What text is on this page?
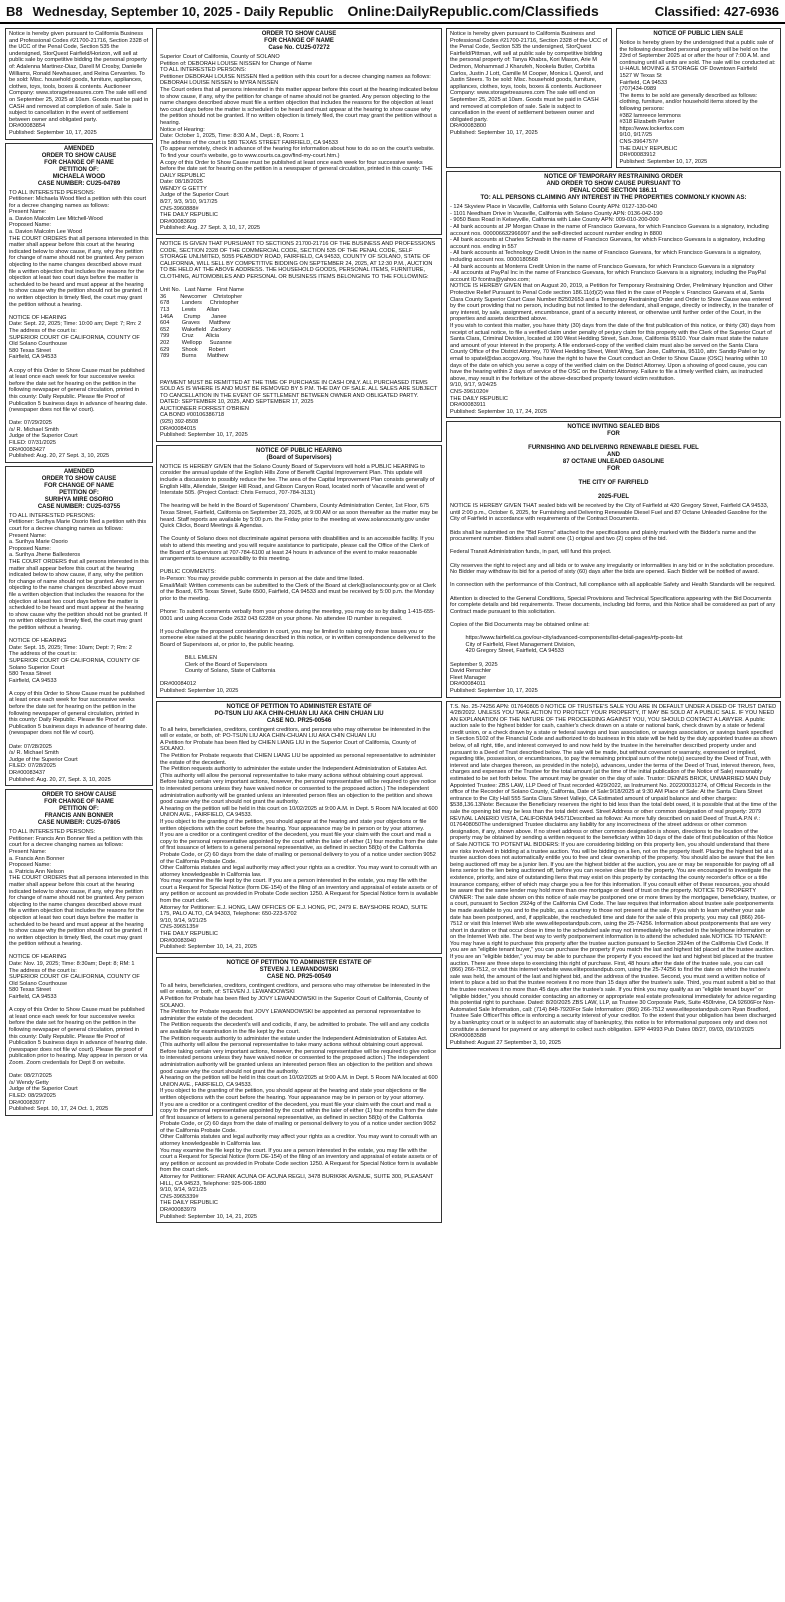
B8 Wednesday, September 10, 2025 - Daily Republic Online:DailyRepublic.com/Classifieds	Classified: 427-6936
Notice is hereby given pursuant to California Business and Professional Codes #21700-21716, Section 2328 of the UCC of the Penal Code, Section 535 the undersigned, StorQuest Fairfield/Horizon, will sell at public sale by competitive bidding the personal property of: Adalenna Martinez-Diaz, Darell M Crosby, Danielle Williams, Ronald Newhauser, and Reina Cervantes. To be sold: Misc. household goods, furniture, appliances, clothes, toys, tools, boxes & contents. Auctioneer Company: www.storagetreasures.com The sale will end on September 25, 2025 at 10am. Goods must be paid in CASH and removed at completion of sale. Sale is subject to cancellation in the event of settlement between owner and obligated party.
DR#00083854
Published: September 10, 17, 2025
AMENDED
ORDER TO SHOW CAUSE
FOR CHANGE OF NAME
PETITION OF:
MICHAELA WOOD
CASE NUMBER: CU25-04789
TO ALL INTERESTED PERSONS:
Petitioner: Michaela Wood filed a petition with this court for a decree changing names as follows:
Present Name:
a. Davion Malcolm Lee Mitchell-Wood
Proposed Name:
a. Davion Malcolm Lee Wood
THE COURT ORDERS that all persons interested in this matter shall appear before this court at the hearing indicated below to show cause, if any, why the petition for change of name should not be granted. Any person objecting to the name changes described above must file a written objection that includes the reasons for the objection at least two court days before the matter is scheduled to be heard and must appear at the hearing to show cause why the petition should not be granted. If no written objection is timely filed, the court may grant the petition without a hearing.

NOTICE OF HEARING
Date: Sept. 22, 2025; Time: 10:00 am; Dept: 7; Rm: 2
The address of the court is:
SUPERIOR COURT OF CALIFORNIA, COUNTY OF
Old Solano Courthouse
580 Texas Street
Fairfield, CA 94533

A copy of this Order to Show Cause must be published at least once each week for four successive weeks before the date set for hearing on the petition in the following newspaper of general circulation, printed in this county: Daily Republic. Please file Proof of Publication 5 business days in advance of hearing date. (newspaper does not file w/ court).

Date: 07/29/2025
/s/ R. Michael Smith
Judge of the Superior Court
FILED: 07/31/2025
DR#00083427
Published: Aug. 20, 27 Sept. 3, 10, 2025
AMENDED
ORDER TO SHOW CAUSE
FOR CHANGE OF NAME
PETITION OF:
SURIHYA MIRE OSORIO
CASE NUMBER: CU25-03755
TO ALL INTERESTED PERSONS:
Petitioner: Surihya Marie Osorio filed a petition with this court for a decree changing names as follows:
Present Name:
a. Surihya Marie Osorio
Proposed Name:
a. Surihya Jhene Ballesteros
THE COURT ORDERS that all persons interested in this matter shall appear before this court at the hearing indicated below to show cause, if any, why the petition for change of name should not be granted. Any person objecting to the name changes described above must file a written objection that includes the reasons for the objection at least two court days before the matter is scheduled to be heard and must appear at the hearing to show cause why the petition should not be granted. If no written objection is timely filed, the court may grant the petition without a hearing.

NOTICE OF HEARING
Date: Sept. 15, 2025; Time: 10am; Dept: 7; Rm: 2
The address of the court is:
SUPERIOR COURT OF CALIFORNIA, COUNTY OF
Solano Superior Court
580 Texas Street
Fairfield, CA 94533

A copy of this Order to Show Cause must be published at least once each week for four successive weeks before the date set for hearing on the petition in the following newspaper of general circulation, printed in this county: Daily Republic. Please file Proof of Publication 5 business days in advance of hearing date. (newspaper does not file w/ court).

Date: 07/28/2025
/s/ R. Michael Smith
Judge of the Superior Court
FILED: 07/28/2025
DR#00083437
Published: Aug. 20, 27, Sept. 3, 10, 2025
ORDER TO SHOW CAUSE
FOR CHANGE OF NAME
PETITION OF:
FRANCIS ANN BONNER
CASE NUMBER: CU25-07805
TO ALL INTERESTED PERSONS:
Petitioner: Francis Ann Bonner filed a petition with this court for a decree changing names as follows:
Present Name:
a. Francis Ann Bonner
Proposed Name:
a. Patricia Ann Nelson
THE COURT ORDERS that all persons interested in this matter shall appear before this court at the hearing indicated below to show cause, if any, why the petition for change of name should not be granted. Any person objecting to the name changes described above must file a written objection that includes the reasons for the objection at least two court days before the matter is scheduled to be heard and must appear at the hearing to show cause why the petition should not be granted. If no written objection is timely filed, the court may grant the petition without a hearing.

NOTICE OF HEARING
Date: Nov. 19, 2025; Time: 8:30am; Dept: 8; RM: 1
The address of the court is:
SUPERIOR COURT OF CALIFORNIA, COUNTY OF
Old Solano Courthouse
580 Texas Street
Fairfield, CA 94533

A copy of this Order to Show Cause must be published at least once each week for four successive weeks before the date set for hearing on the petition in the following newspaper of general circulation, printed in this county: Daily Republic. Please file Proof of Publication 5 business days in advance of hearing date. (newspaper does not file w/ court). Please file proof of publication prior to hearing. May appear in person or via Zoom. Zoom credentials for Dept 8 on website.

Date: 08/27/2025
/s/ Wendy Getty
Judge of the Superior Court
FILED: 08/29/2025
DR#00083977
Published: Sept. 10, 17, 24 Oct. 1, 2025
ORDER TO SHOW CAUSE
FOR CHANGE OF NAME
Case No. CU25-07272
Superior Court of California, County of SOLANO
Petition of: DEBORAH LOUISE NISSEN for Change of Name
TO ALL INTERESTED PERSONS:
Petitioner DEBORAH LOUISE NISSEN filed a petition with this court for a decree changing names as follows:
DEBORAH LOUISE NISSEN to MYRA NISSEN
The Court orders that all persons interested in this matter appear before this court at the hearing indicated below to show cause, if any, why the petition for change of name should not be granted. Any person objecting to the name changes described above must file a written objection that includes the reasons for the objection at least two court days before the matter is scheduled to be heard and must appear at the hearing to show cause why the petition should not be granted. If no written objection is timely filed, the court may grant the petition without a hearing.
Notice of Hearing:
Date: October 1, 2025, Time: 8:30 A.M., Dept.: 8, Room: 1
The address of the court is 580 TEXAS STREET FAIRFIELD, CA 94533
(To appear remotely, check in advance of the hearing for information about how to do so on the court's website. To find your court's website, go to www.courts.ca.gov/find-my-court.htm.)
A copy of this Order to Show Cause must be published at least once each week for four successive weeks before the date set for hearing on the petition in a newspaper of general circulation, printed in this county: THE DAILY REPUBLIC
Date: 08/18/2025
WENDY G GETTY
Judge of the Superior Court
8/27, 9/3, 9/10, 9/17/25
CNS-3960888#
THE DAILY REPUBLIC
DR#00083609
Published: Aug. 27 Sept. 3, 10, 17, 2025
NOTICE IS GIVEN THAT PURSUANT TO SECTIONS 21700-21716 OF THE BUSINESS AND PROFESSIONS CODE, SECTION 2328 OF THE COMMERCIAL CODE, SECTION 535 OF THE PENAL CODE, SELF STORAGE UNLIMITED, 5055 PEABODY ROAD, FAIRFIELD, CA 94533, COUNTY OF SOLANO, STATE OF CALIFORNIA, WILL SELL BY COMPETITIVE BIDDING ON SEPTEMBER 24, 2025, AT 12:30 P.M., AUCTION TO BE HELD AT THE ABOVE ADDRESS. THE HOUSEHOLD GOODS, PERSONAL ITEMS, FURNITURE, CLOTHING, AUTOMOBILES AND PERSONAL OR BUSINESS ITEMS BELONGING TO THE FOLLOWING:

Unit No.   Last Name   First Name
36         Newcomer    Christopher
678        Landers     Christopher
713        Lewis       Allan
146A       Crump       Janee
604        Graves      Matthew
652        Wakefield   Zackery
799        Cruz        Alicia
202        Wellopp     Suzanne
629        Shook       Robert
789        Burns       Matthew

PAYMENT MUST BE REMITTED AT THE TIME OF PURCHASE IN CASH ONLY. ALL PURCHASED ITEMS SOLD AS IS WHERE IS AND MUST BE REMOVED BY 5 P.M. THE DAY OF SALE. ALL SALES ARE SUBJECT TO CANCELLATION IN THE EVENT OF SETTLEMENT BETWEEN OWNER AND OBLIGATED PARTY.
DATED: SEPTEMBER 10, 2025, AND SEPTEMBER 17, 2025
AUCTIONEER FORREST O'BRIEN
CA BOND #00106386718
(925) 392-8508
DR#00084015
Published: September 10, 17, 2025
NOTICE OF PUBLIC HEARING
(Board of Supervisors)
NOTICE IS HEREBY GIVEN that the Solano County Board of Supervisors will hold a PUBLIC HEARING to consider the annual update of the English Hills Zone of Benefit Capital Improvement Plan. This update will include a discussion to possibly reduce the fee. The area of the Capital Improvement Plan consists generally of English Hills, Allendale, Steiger Hill Road, and Gibson Canyon Road, located north of Vacaville and west of Interstate 505. (Project Contact: Chris Ferrucci, 707-784-3131)

The hearing will be held in the Board of Supervisors' Chambers, County Administration Center, 1st Floor, 675 Texas Street, Fairfield, California on September 23, 2025, at 9:00 AM or as soon thereafter as the matter may be heard. Staff reports are available by 5:00 p.m. the Friday prior to the meeting at www.solanocounty.gov under Quick Clicks, Board Meetings & Agendas.

The County of Solano does not discriminate against persons with disabilities and is an accessible facility. If you wish to attend this meeting and you will require assistance to participate, please call the Office of the Clerk of the Board of Supervisors at 707-784-6100 at least 24 hours in advance of the event to make reasonable arrangements to ensure accessibility to this meeting.

PUBLIC COMMENTS:
In-Person: You may provide public comments in person at the date and time listed.
Email/Mail: Written comments can be submitted to the Clerk of the Board at clerk@solanocounty.gov or at Clerk of the Board, 675 Texas Street, Suite 6500, Fairfield, CA 94533 and must be received by 5:00 p.m. the Monday prior to the meeting.

Phone: To submit comments verbally from your phone during the meeting, you may do so by dialing 1-415-655-0001 and using Access Code 2632 043 6228# on your phone. No attendee ID number is required.

If you challenge the proposed consideration in court, you may be limited to raising only those issues you or someone else raised at the public hearing described in this notice, or in written correspondence delivered to the Board of Supervisors at, or prior to, the public hearing.

BILL EMLEN
Clerk of the Board of Supervisors
County of Solano, State of California

DR#00084012
Published: September 10, 2025
NOTICE OF PETITION TO ADMINISTER ESTATE OF
PO-TSUN LIU AKA CHIN-CHUAN LIU AKA CHIN CHUAN LIU
CASE NO. PR25-00546
To all heirs, beneficiaries, creditors, contingent creditors, and persons who may otherwise be interested in the will or estate, or both, of: PO-TSUN LIU AKA CHIN-CHUAN LIU AKA CHIN CHUAN LIU
A Petition for Probate has been filed by CHIEN LIANG LIU in the Superior Court of California, County of SOLANO.
The Petition for Probate requests that CHIEN LIANG LIU be appointed as personal representative to administer the estate of the decedent.
The Petition requests authority to administer the estate under the Independent Administration of Estates Act. (This authority will allow the personal representative to take many actions without obtaining court approval. Before taking certain very important actions, however, the personal representative will be required to give notice to interested persons unless they have waived notice or consented to the proposed action.) The independent administration authority will be granted unless an interested person files an objection to the petition and shows good cause why the court should not grant the authority.
A hearing on the petition will be held in this court on 10/02/2025 at 9:00 A.M. in Dept. 5 Room N/A located at 600 UNION AVE., FAIRFIELD, CA 94533.
If you object to the granting of the petition, you should appear at the hearing and state your objections or file written objections with the court before the hearing. Your appearance may be in person or by your attorney.
If you are a creditor or a contingent creditor of the decedent, you must file your claim with the court and mail a copy to the personal representative appointed by the court within the later of either (1) four months from the date of first issuance of letters to a general personal representative, as defined in section 58(b) of the California Probate Code, or (2) 60 days from the date of mailing or personal delivery to you of a notice under section 9052 of the California Probate Code.
Other California statutes and legal authority may affect your rights as a creditor. You may want to consult with an attorney knowledgeable in California law.
You may examine the file kept by the court. If you are a person interested in the estate, you may file with the court a Request for Special Notice (form DE-154) of the filing of an inventory and appraisal of estate assets or of any petition or account as provided in Probate Code section 1250. A Request for Special Notice form is available from the court clerk.
Attorney for Petitioner: E.J. HONG, LAW OFFICES OF E.J. HONG, PC, 2479 E. BAYSHORE ROAD, SUITE 175, PALO ALTO, CA 94303, Telephone: 650-223-5702
9/10, 9/14, 9/21/25
CNS-3965135#
THE DAILY REPUBLIC
DR#00083940
Published: September 10, 14, 21, 2025
NOTICE OF PETITION TO ADMINISTER ESTATE OF
STEVEN J. LEWANDOWSKI
CASE NO. PR25-00549
To all heirs, beneficiaries, creditors, contingent creditors, and persons who may otherwise be interested in the will or estate, or both, of: STEVEN J. LEWANDOWSKI
A Petition for Probate has been filed by JOVY LEWANDOWSKI in the Superior Court of California, County of SOLANO.
The Petition for Probate requests that JOVY LEWANDOWSKI be appointed as personal representative to administer the estate of the decedent.
The Petition requests the decedent's will and codicils, if any, be admitted to probate. The will and any codicils are available for examination in the file kept by the court.
The Petition requests authority to administer the estate under the Independent Administration of Estates Act. (This authority will allow the personal representative to take many actions without obtaining court approval. Before taking certain very important actions, however, the personal representative will be required to give notice to interested persons unless they have waived notice or consented to the proposed action.) The independent administration authority will be granted unless an interested person files an objection to the petition and shows good cause why the court should not grant the authority.
A hearing on the petition will be held in this court on 10/02/2025 at 9:00 A.M. in Dept. 5 Room N/A located at 600 UNION AVE., FAIRFIELD, CA 94533.
If you object to the granting of the petition, you should appear at the hearing and state your objections or file written objections with the court before the hearing. Your appearance may be in person or by your attorney.
If you are a creditor or a contingent creditor of the decedent, you must file your claim with the court and mail a copy to the personal representative appointed by the court within the later of either (1) four months from the date of first issuance of letters to a general personal representative, as defined in section 58(b) of the California Probate Code, or (2) 60 days from the date of mailing or personal delivery to you of a notice under section 9052 of the California Probate Code.
Other California statutes and legal authority may affect your rights as a creditor. You may want to consult with an attorney knowledgeable in California law.
You may examine the file kept by the court. If you are a person interested in the estate, you may file with the court a Request for Special Notice (form DE-154) of the filing of an inventory and appraisal of estate assets or of any petition or account as provided in Probate Code section 1250. A Request for Special Notice form is available from the court clerk.
Attorney for Petitioner: FRANK ACUNA OF ACUNA REGLI, 3478 BURIKRK AVENUE, SUITE 300, PLEASANT HILL, CA 94523, Telephone: 925-906-1880
9/10, 9/14, 9/21/25
CNS-3965339#
THE DAILY REPUBLIC
DR#00083979
Published: September 10, 14, 21, 2025
Notice is hereby given pursuant to California Business and Professional Codes #21700-21716, Section 2328 of the UCC of the Penal Code, Section 535 the undersigned, StorQuest Fairfield/Pittman, will sell at public sale by competitive bidding the personal property of: Tanya Khabra, Kori Mason, Arie M Dedmon, Mohammad J Kharufeh, Nookela Butler, Corbitta Carlos, Justin J Lott, Camille M Cooper, Monica L Querol, and Justin Steers. To be sold: Misc. household goods, furniture, appliances, clothes, toys, tools, boxes & contents. Auctioneer Company: www.storagetreasures.com The sale will end on September 25, 2025 at 10am. Goods must be paid in CASH and removed at completion of sale. Sale is subject to cancellation in the event of settlement between owner and obligated party.
DR#00083800
Published: September 10, 17, 2025
NOTICE OF PUBLIC LIEN SALE
Notice is hereby given by the undersigned that a public sale of the following described personal property will be held on the 23rd of September 2025 at or after the hour of 7:00 A.M. and continuing until all units are sold. The sale will be conducted at: U-HAUL MOVING & STORAGE OF Downtown Fairfield
1527 W Texas St
Fairfield, CA 94533
(707)434-0989
The items to be sold are generally described as follows: clothing, furniture, and/or household items stored by the following persons:
#382 lamreece lemmons
#318 Elizabeth Parker
https://www.lockerfox.com
9/10, 9/17/25
CNS-3964757#
THE DAILY REPUBLIC
DR#00083912
Published: September 10, 17, 2025
NOTICE OF TEMPORARY RESTRAINING ORDER
AND ORDER TO SHOW CAUSE PURSUANT TO
PENAL CODE SECTION 186.11
TO: ALL PERSONS CLAIMING ANY INTEREST IN THE PROPERTIES COMMONLY KNOWN AS:
- 124 Skyview Place in Vacaville, California with Solano County APN: 0127-130-040
- 1101 Needham Drive in Vacaville, California with Solano County APN: 0136-042-190
- 9050 Bass Road in Kelseyville, California with Lake County APN: 009-010-200-000
- All bank accounts at JP Morgan Chase in the name of Francisco Guevara, for which Francisco Guevara is a signatory, including account nos. 000006632966997 and the self-directed account number ending in 8800
- All bank accounts at Charles Schwab in the name of Francisco Guevara, for which Francisco Guevara is a signatory, including account nos. ending in 557
- All bank accounts at Technology Credit Union in the name of Francisco Guevara, for which Francisco Guevara is a signatory, including account nos. 0000180568
- All bank accounts at Monterra Credit Union in the name of Francisco Guevara, for which Francisco Guevara is a signatory
- All accounts at PayPal Inc in the name of Francisco Guevara, for which Francisco Guevara is a signatory, including the PayPal account ID fcontra@yahoo.com;
NOTICE IS HEREBY GIVEN that on August 20, 2019, a Petition for Temporary Restraining Order, Preliminary Injunction and Other Protective Relief Pursuant to Penal Code section 186.11(d)(2) was filed in the case of People v. Francisco Guevara et al, Santa Clara County Superior Court Case Number B2502653 and a Temporary Restraining Order and Order to Show Cause was entered by the court providing that no person, including but not limited to the defendant, shall engage, directly or indirectly, in the transfer of any interest, by sale, assignment, encumbrance, grant of a security interest, or otherwise until further order of the Court, in the properties and assets described above.
If you wish to contest this matter, you have thirty (30) days from the date of the first publication of this notice, or thirty (30) days from receipt of actual notice, to file a verified claim under penalty of perjury claim for this property with the Clerk of the Superior Court of Santa Clara, Criminal Division, located at 190 West Hedding Street, San Jose, California 95110. Your claim must state the nature and amount of your interest in the property. A file endorsed-copy of the verified claim must also be served on the Santa Clara County Office of the District Attorney, 70 West Hedding Street, West Wing, San Jose, California, 95110, attn: Sandip Patel or by email to spatel@dao.sccgov.org. You have the right to have the Court conduct an Order to Show Cause (OSC) hearing within 10 days of the date on which you serve a copy of the verified claim on the District Attorney. Upon a showing of good cause, you can have the hearing within 2 days of service of the OSC on the District Attorney. Failure to file a timely verified claim, as instructed above, may result in the forfeiture of the above-described property toward victim restitution.
9/10, 9/17, 9/24/25
CNS-3961020#
THE DAILY REPUBLIC
DR#00083911
Published: September 10, 17, 24, 2025
NOTICE INVITING SEALED BIDS
FOR

FURNISHING AND DELIVERING RENEWABLE DIESEL FUEL
AND
87 OCTANE UNLEADED GASOLINE
FOR

THE CITY OF FAIRFIELD

2025-FUEL
NOTICE IS HEREBY GIVEN THAT sealed bids will be received by the City of Fairfield at 420 Gregory Street, Fairfield CA 94533, until 2:00 p.m., October 6, 2025, for Furnishing and Delivering Renewable Diesel Fuel and 87 Octane Unleaded Gasoline for the City of Fairfield in accordance with requirements of the Contract Documents.

Bids shall be submitted on the "Bid Forms" attached to the specifications and plainly marked with the Bidder's name and the procurement number. Bidders shall submit one (1) original and two (2) copies of the bid.

Federal Transit Administration funds, in part, will fund this project.

City reserves the right to reject any and all bids or to waive any irregularity or informalities in any bid or in the solicitation procedure. No Bidder may withdraw its bid for a period of sixty (60) days after the bids are opened. Each Bidder will be notified of award.

In connection with the performance of this Contract, full compliance with all applicable Safety and Health Standards will be required.

Attention is directed to the General Conditions, Special Provisions and Technical Specifications appearing with the Bid Documents for complete details and bid requirements. These documents, including bid forms, and this Notice shall be considered as part of any Contract made pursuant to this solicitation.

Copies of the Bid Documents may be obtained online at:

https://www.fairfield.ca.gov/our-city/advanced-components/list-detail-pages/rfp-posts-list
City of Fairfield, Fleet Management Division,
420 Gregory Street, Fairfield, CA 94533

September 9, 2025
David Renschler
Fleet Manager
DR#00084011
Published: September 10, 17, 2025
T.S. No. 25-74256 APN: 017640805 0 NOTICE OF TRUSTEE'S SALE YOU ARE IN DEFAULT UNDER A DEED OF TRUST DATED 4/28/2022. UNLESS YOU TAKE ACTION TO PROTECT YOUR PROPERTY, IT MAY BE SOLD AT A PUBLIC SALE. IF YOU NEED AN EXPLANATION OF THE NATURE OF THE PROCEEDING AGAINST YOU, YOU SHOULD CONTACT A LAWYER. A public auction sale to the highest bidder for cash, cashier's check drawn on a state or national bank, check drawn by a state or federal credit union, or a check drawn by a state or federal savings and loan association, or savings association, or savings bank specified in Section 5102 of the Financial Code and authorized to do business in this state will be held by the duly appointed trustee as shown below, of all right, title, and interest conveyed to and now held by the trustee in the hereinafter described property under and pursuant to a Deed of Trust described below. The sale will be made, but without covenant or warranty, expressed or implied, regarding title, possession, or encumbrances, to pay the remaining principal sum of the note(s) secured by the Deed of Trust, with interest and late charges thereon, as provided in the note(s), advances, under the terms of the Deed of Trust, interest thereon, fees, charges and expenses of the Trustee for the total amount (at the time of the initial publication of the Notice of Sale) reasonably estimated to be set forth below. The amount may be greater on the day of sale. Trustor: DENNIS BRICK, UNMARRIED MAN Duly Appointed Trustee: ZBS LAW, LLP Deed of Trust recorded 4/29/2022, as Instrument No. 202200031274, of Official Records in the office of the Recorder of Solano County, California, Date of Sale:9/18/2025 at 9:30 AM Place of Sale: At the Santa Clara Street entrance to the City Hall 555 Santa Clara Street Vallejo, CA Estimated amount of unpaid balance and other charges: $538,136.13Note: Because the Beneficiary reserves the right to bid less than the total debt owed, it is possible that at the time of the sale the opening bid may be less than the total debt owed. Street Address or other common designation of real property: 2079 REVIVAL LANERIO VISTA, CALIFORNIA 94571Described as follows: As more fully described on said Deed of Trust.A.P.N #.: 0176408050The undersigned Trustee disclaims any liability for any incorrectness of the street address or other common designation, if any, shown above. If no street address or other common designation is shown, directions to the location of the property may be obtained by sending a written request to the beneficiary within 10 days of the date of first publication of this Notice of Sale.NOTICE TO POTENTIAL BIDDERS: If you are considering bidding on this property lien, you should understand that there are risks involved in bidding at a trustee auction. You will be bidding on a lien, not on the property itself. Placing the highest bid at a trustee auction does not automatically entitle you to free and clear ownership of the property. You should also be aware that the lien being auctioned off may be a junior lien. If you are the highest bidder at the auction, you are or may be responsible for paying off all liens senior to the lien being auctioned off, before you can receive clear title to the property. You are encouraged to investigate the existence, priority, and size of outstanding liens that may exist on this property by contacting the county recorder's office or a title insurance company, either of which may charge you a fee for this information. If you consult either of these resources, you should be aware that the same lender may hold more than one mortgage or deed of trust on the property. NOTICE TO PROPERTY OWNER: The sale date shown on this notice of sale may be postponed one or more times by the mortgagee, beneficiary, trustee, or a court, pursuant to Section 2924g of the California Civil Code. The law requires that information about trustee sale postponements be made available to you and to the public, as a courtesy to those not present at the sale. If you wish to learn whether your sale date has been postponed, and, if applicable, the rescheduled time and date for the sale of this property, you may call (866) 266-7512 or visit this Internet Web site www.elitepostandpub.com, using the 25-74256. Information about postponements that are very short in duration or that occur close in time to the scheduled sale may not immediately be reflected in the telephone information or on the Internet Web site. The best way to verify postponement information is to attend the scheduled sale.NOTICE TO TENANT: You may have a right to purchase this property after the trustee auction pursuant to Section 2924m of the California Civil Code. If you are an "eligible tenant buyer," you can purchase the property if you match the last and highest bid placed at the trustee auction. If you are an "eligible bidder," you may be able to purchase the property if you exceed the last and highest bid placed at the trustee auction. There are three steps to exercising this right of purchase. First, 48 hours after the date of the trustee sale, you can call (866) 266-7512, or visit this internet website www.elitepostandpub.com, using the 25-74256 to find the date on which the trustee's sale was held, the amount of the last and highest bid, and the address of the trustee. Second, you must send a written notice of intent to place a bid so that the trustee receives it no more than 15 days after the trustee's sale. Third, you must submit a bid so that the trustee receives it no more than 45 days after the trustee's sale. If you think you may qualify as an "eligible tenant buyer" or "eligible bidder," you should consider contacting an attorney or appropriate real estate professional immediately for advice regarding this potential right to purchase. Dated: 8/20/2025 ZBS LAW, LLP, as Trustee 30 Corporate Park, Suite 450Irvine, CA 92606For Non-Automated Sale Information, call: (714) 848-7920For Sale Information: (866) 266-7512 www.elitepostandpub.com Ryan Bradford, Trustee Sale OfficerThis office is enforcing a security interest of your creditor. To the extent that your obligation has been discharged by a bankruptcy court or is subject to an automatic stay of bankruptcy, this notice is for informational purposes only and does not constitute a demand for payment or any attempt to collect such obligation. EPP 44993 Pub Dates 08/27, 09/03, 09/10/2025
DR#00083588
Published: August 27 September 3, 10, 2025
